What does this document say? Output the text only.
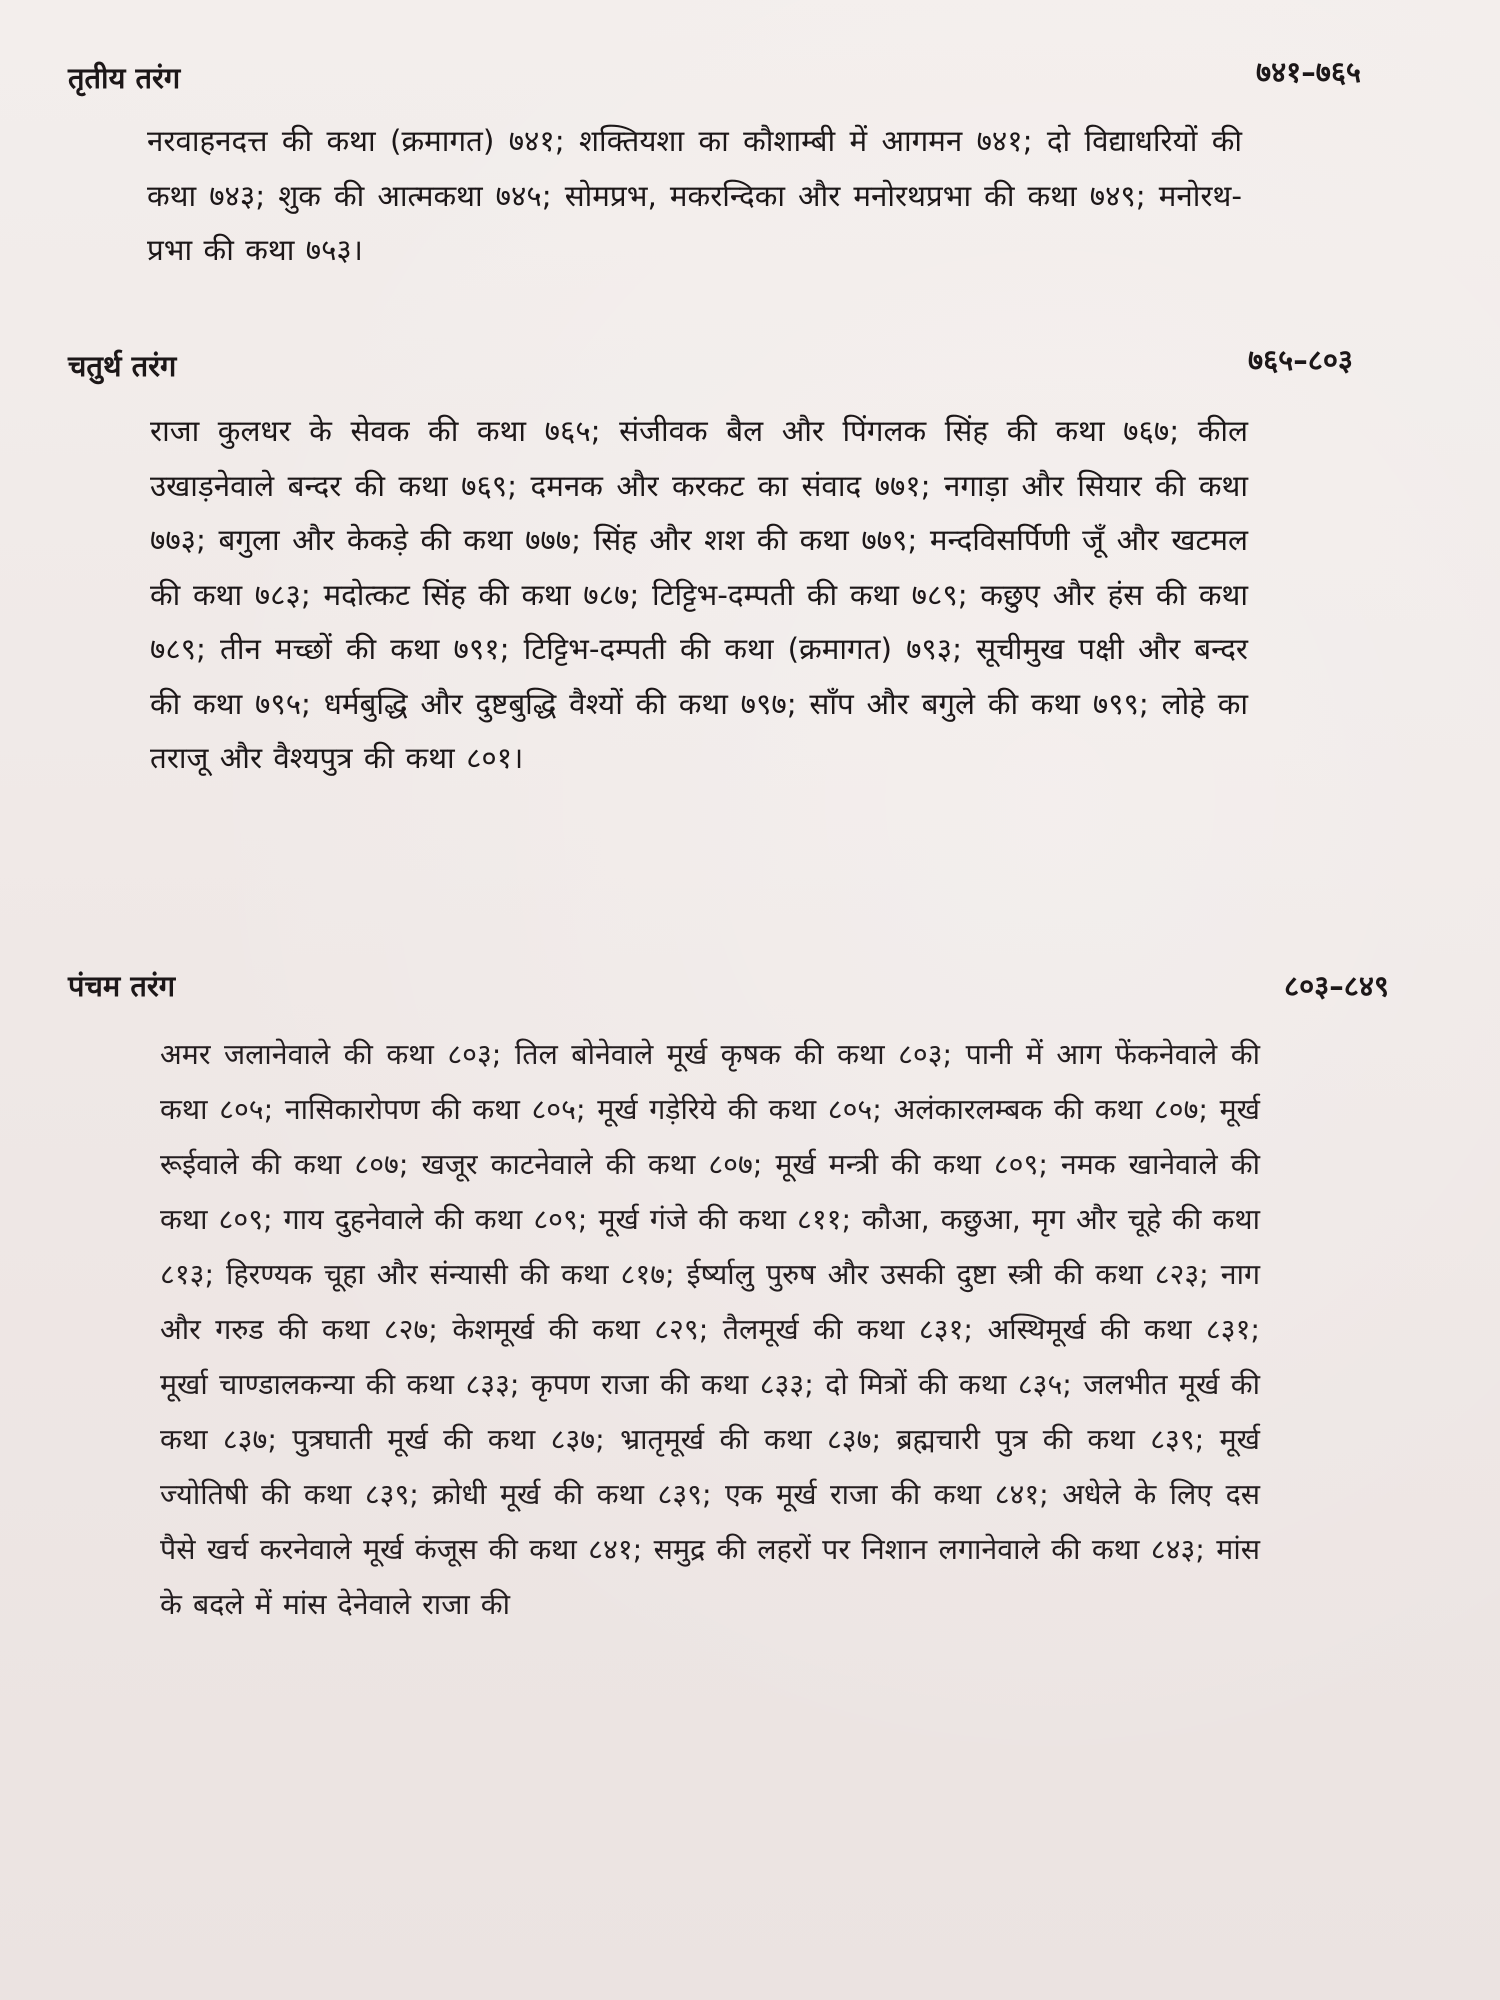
तृतीय तरंग	७४१–७६५
नरवाहनदत्त की कथा (क्रमागत) ७४१; शक्तियशा का कौशाम्बी में आगमन ७४१; दो विद्याधरियों की कथा ७४३; शुक की आत्मकथा ७४५; सोमप्रभ, मकरन्दिका और मनोरथप्रभा की कथा ७४९; मनोरथ-प्रभा की कथा ७५३।
चतुर्थ तरंग	७६५–८०३
राजा कुलधर के सेवक की कथा ७६५; संजीवक बैल और पिंगलक सिंह की कथा ७६७; कील उखाड़नेवाले बन्दर की कथा ७६९; दमनक और करकट का संवाद ७७१; नगाड़ा और सियार की कथा ७७३; बगुला और केकड़े की कथा ७७७; सिंह और शश की कथा ७७९; मन्दविसर्पिणी जूँ और खटमल की कथा ७८३; मदोत्कट सिंह की कथा ७८७; टिट्टिभ-दम्पती की कथा ७८९; कछुए और हंस की कथा ७८९; तीन मच्छों की कथा ७९१; टिट्टिभ-दम्पती की कथा (क्रमागत) ७९३; सूचीमुख पक्षी और बन्दर की कथा ७९५; धर्मबुद्धि और दुष्टबुद्धि वैश्यों की कथा ७९७; साँप और बगुले की कथा ७९९; लोहे का तराजू और वैश्यपुत्र की कथा ८०१।
पंचम तरंग	८०३–८४९
अमर जलानेवाले की कथा ८०३; तिल बोनेवाले मूर्ख कृषक की कथा ८०३; पानी में आग फेंकनेवाले की कथा ८०५; नासिकारोपण की कथा ८०५; मूर्ख गड़ेरिये की कथा ८०५; अलंकारलम्बक की कथा ८०७; मूर्ख रूईवाले की कथा ८०७; खजूर काटनेवाले की कथा ८०७; मूर्ख मन्त्री की कथा ८०९; नमक खानेवाले की कथा ८०९; गाय दुहनेवाले की कथा ८०९; मूर्ख गंजे की कथा ८११; कौआ, कछुआ, मृग और चूहे की कथा ८१३; हिरण्यक चूहा और संन्यासी की कथा ८१७; ईर्ष्यालु पुरुष और उसकी दुष्टा स्त्री की कथा ८२३; नाग और गरुड की कथा ८२७; केशमूर्ख की कथा ८२९; तैलमूर्ख की कथा ८३१; अस्थिमूर्ख की कथा ८३१; मूर्खा चाण्डालकन्या की कथा ८३३; कृपण राजा की कथा ८३३; दो मित्रों की कथा ८३५; जलभीत मूर्ख की कथा ८३७; पुत्रघाती मूर्ख की कथा ८३७; भ्रातृमूर्ख की कथा ८३७; ब्रह्मचारी पुत्र की कथा ८३९; मूर्ख ज्योतिषी की कथा ८३९; क्रोधी मूर्ख की कथा ८३९; एक मूर्ख राजा की कथा ८४१; अधेले के लिए दस पैसे खर्च करनेवाले मूर्ख कंजूस की कथा ८४१; समुद्र की लहरों पर निशान लगानेवाले की कथा ८४३; मांस के बदले में मांस देनेवाले राजा की
